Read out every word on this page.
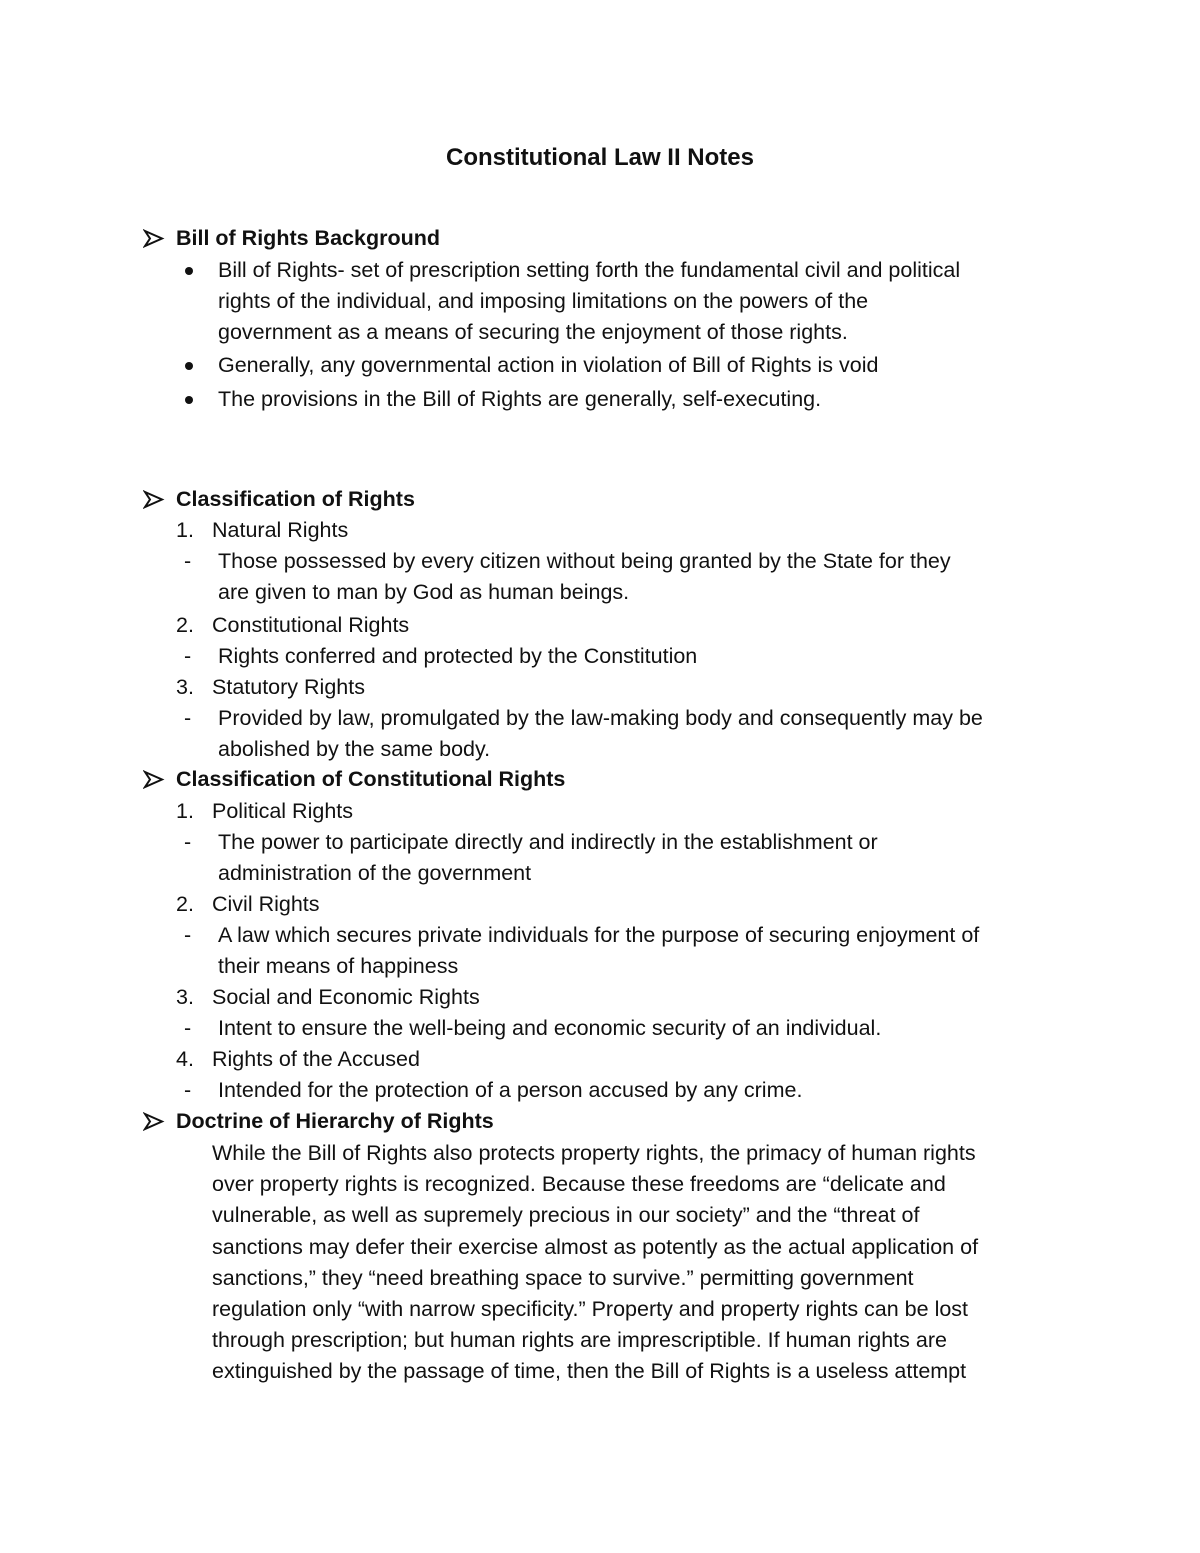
Constitutional Law II Notes
Bill of Rights Background
Bill of Rights- set of prescription setting forth the fundamental civil and political
rights of the individual, and imposing limitations on the powers of the
government as a means of securing the enjoyment of those rights.
Generally, any governmental action in violation of Bill of Rights is void
The provisions in the Bill of Rights are generally, self-executing.
Classification of Rights
1. Natural Rights
- Those possessed by every citizen without being granted by the State for they
are given to man by God as human beings.
2. Constitutional Rights
- Rights conferred and protected by the Constitution
3. Statutory Rights
- Provided by law, promulgated by the law-making body and consequently may be
abolished by the same body.
Classification of Constitutional Rights
1. Political Rights
- The power to participate directly and indirectly in the establishment or
administration of the government
2. Civil Rights
- A law which secures private individuals for the purpose of securing enjoyment of
their means of happiness
3. Social and Economic Rights
- Intent to ensure the well-being and economic security of an individual.
4. Rights of the Accused
- Intended for the protection of a person accused by any crime.
Doctrine of Hierarchy of Rights
While the Bill of Rights also protects property rights, the primacy of human rights
over property rights is recognized. Because these freedoms are “delicate and
vulnerable, as well as supremely precious in our society” and the “threat of
sanctions may defer their exercise almost as potently as the actual application of
sanctions,” they “need breathing space to survive.” permitting government
regulation only “with narrow specificity.” Property and property rights can be lost
through prescription; but human rights are imprescriptible. If human rights are
extinguished by the passage of time, then the Bill of Rights is a useless attempt
